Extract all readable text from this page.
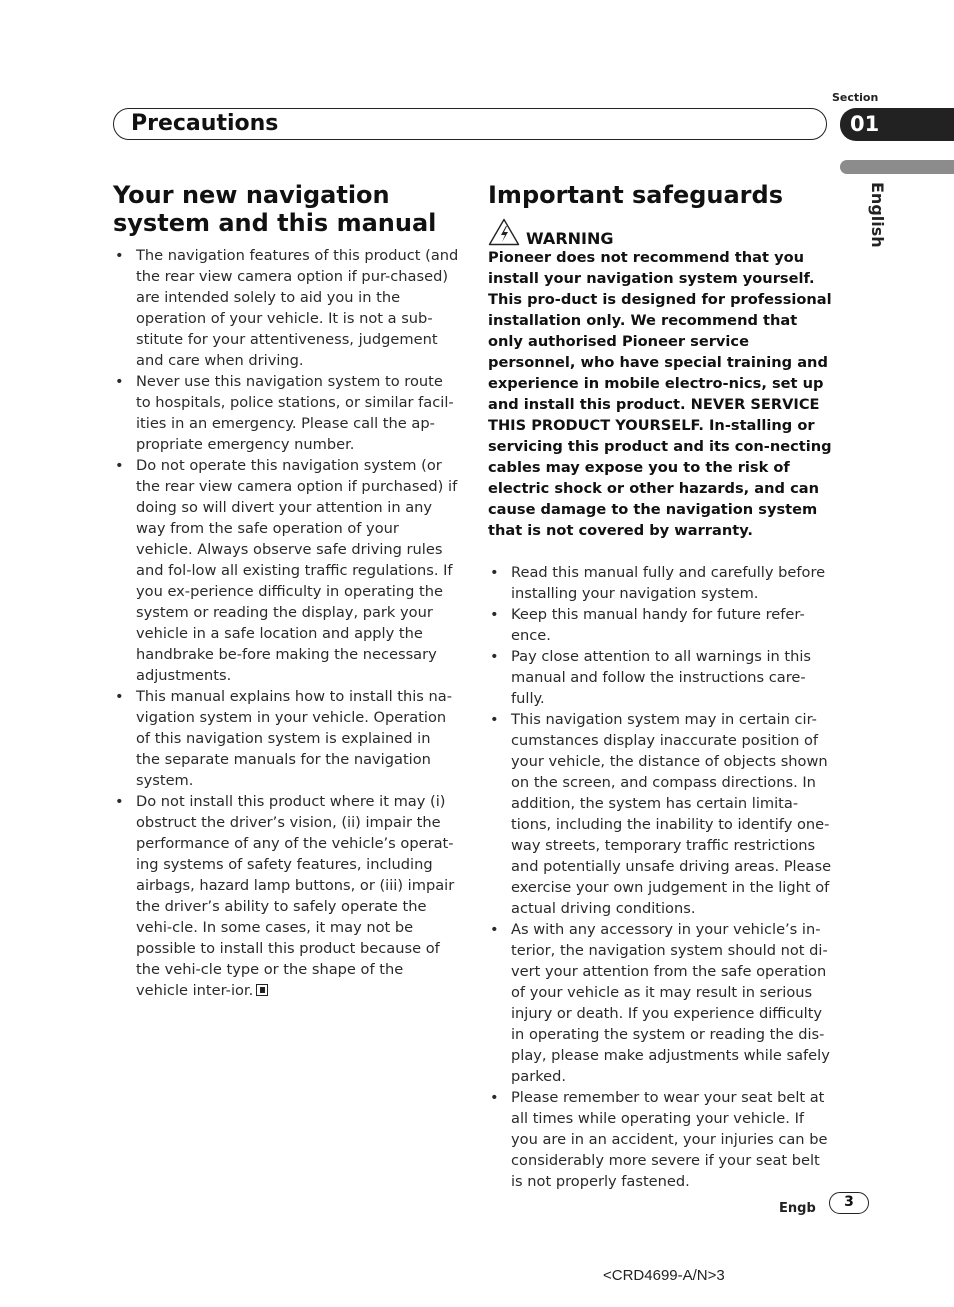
Section
Precautions	01
English
Your new navigation system and this manual
• The navigation features of this product (and the rear view camera option if pur-chased) are intended solely to aid you in the operation of your vehicle. It is not a sub-stitute for your attentiveness, judgement and care when driving.
• Never use this navigation system to route to hospitals, police stations, or similar facil-ities in an emergency. Please call the ap-propriate emergency number.
• Do not operate this navigation system (or the rear view camera option if purchased) if doing so will divert your attention in any way from the safe operation of your vehicle. Always observe safe driving rules and fol-low all existing traffic regulations. If you ex-perience difficulty in operating the system or reading the display, park your vehicle in a safe location and apply the handbrake be-fore making the necessary adjustments.
• This manual explains how to install this na-vigation system in your vehicle. Operation of this navigation system is explained in the separate manuals for the navigation system.
• Do not install this product where it may (i) obstruct the driver’s vision, (ii) impair the performance of any of the vehicle’s operat-ing systems of safety features, including airbags, hazard lamp buttons, or (iii) impair the driver’s ability to safely operate the vehi-cle. In some cases, it may not be possible to install this product because of the vehi-cle type or the shape of the vehicle inter-ior.
Important safeguards
WARNING

Pioneer does not recommend that you install your navigation system yourself. This pro-duct is designed for professional installation only. We recommend that only authorised Pioneer service personnel, who have special training and experience in mobile electro-nics, set up and install this product. NEVER SERVICE THIS PRODUCT YOURSELF. In-stalling or servicing this product and its con-necting cables may expose you to the risk of electric shock or other hazards, and can cause damage to the navigation system that is not covered by warranty.

• Read this manual fully and carefully before installing your navigation system.
• Keep this manual handy for future refer-ence.
• Pay close attention to all warnings in this manual and follow the instructions care-fully.
• This navigation system may in certain cir-cumstances display inaccurate position of your vehicle, the distance of objects shown on the screen, and compass directions. In addition, the system has certain limita-tions, including the inability to identify one-way streets, temporary traffic restrictions and potentially unsafe driving areas. Please exercise your own judgement in the light of actual driving conditions.
• As with any accessory in your vehicle’s in-terior, the navigation system should not di-vert your attention from the safe operation of your vehicle as it may result in serious injury or death. If you experience difficulty in operating the system or reading the dis-play, please make adjustments while safely parked.
• Please remember to wear your seat belt at all times while operating your vehicle. If you are in an accident, your injuries can be considerably more severe if your seat belt is not properly fastened.
Engb	3
<CRD4699-A/N>3
